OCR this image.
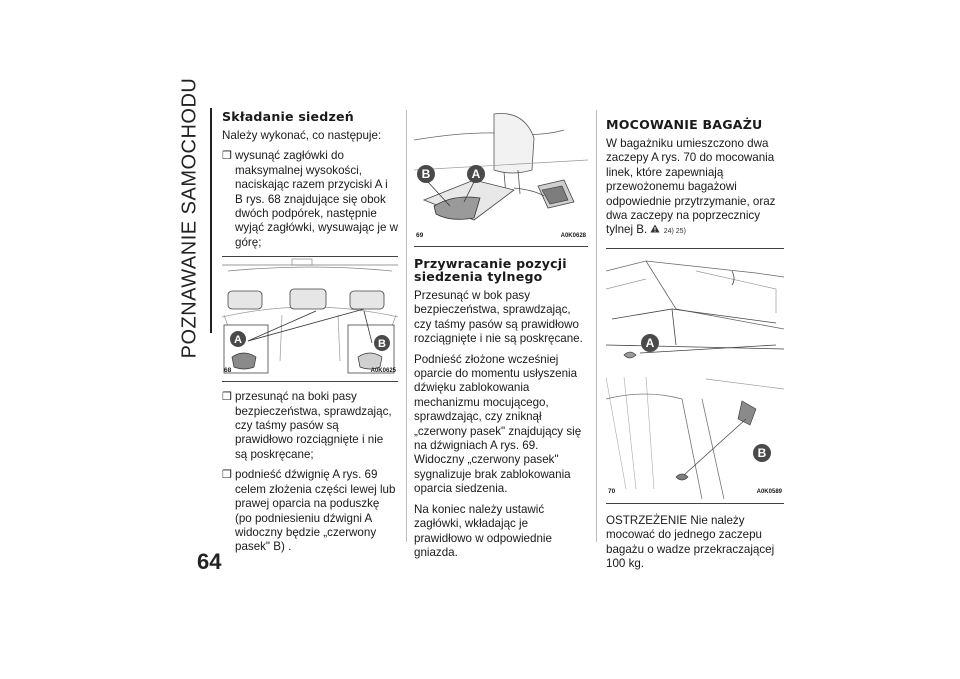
POZNAWANIE SAMOCHODU
64
Składanie siedzeń

Należy wykonać, co następuje:

❒ wysunąć zagłówki do maksymalnej wysokości, naciskając razem przyciski A i B rys. 68 znajdujące się obok dwóch podpórek, następnie wyjąć zagłówki, wysuwając je w górę;
A	B
68	A0K0625
❒ przesunąć na boki pasy bezpieczeństwa, sprawdzając, czy taśmy pasów są prawidłowo rozciągnięte i nie są poskręcane;
❒ podnieść dźwignię A rys. 69 celem złożenia części lewej lub prawej oparcia na poduszkę (po podniesieniu dźwigni A widoczny będzie „czerwony pasek" B) .
B	A
69	A0K0628
Przywracanie pozycji siedzenia tylnego

Przesunąć w bok pasy bezpieczeństwa, sprawdzając, czy taśmy pasów są prawidłowo rozciągnięte i nie są poskręcane.

Podnieść złożone wcześniej oparcie do momentu usłyszenia dźwięku zablokowania mechanizmu mocującego, sprawdzając, czy zniknął „czerwony pasek" znajdujący się na dźwigniach A rys. 69. Widoczny „czerwony pasek" sygnalizuje brak zablokowania oparcia siedzenia.

Na koniec należy ustawić zagłówki, wkładając je prawidłowo w odpowiednie gniazda.

MOCOWANIE BAGAŻU

W bagażniku umieszczono dwa zaczepy A rys. 70 do mocowania linek, które zapewniają przewożonemu bagażowi odpowiednie przytrzymanie, oraz dwa zaczepy na poprzecznicy tylnej B. 24) 25)

A
B
70	A0K0589

OSTRZEŻENIE Nie należy mocować do jednego zaczepu bagażu o wadze przekraczającej 100 kg.
